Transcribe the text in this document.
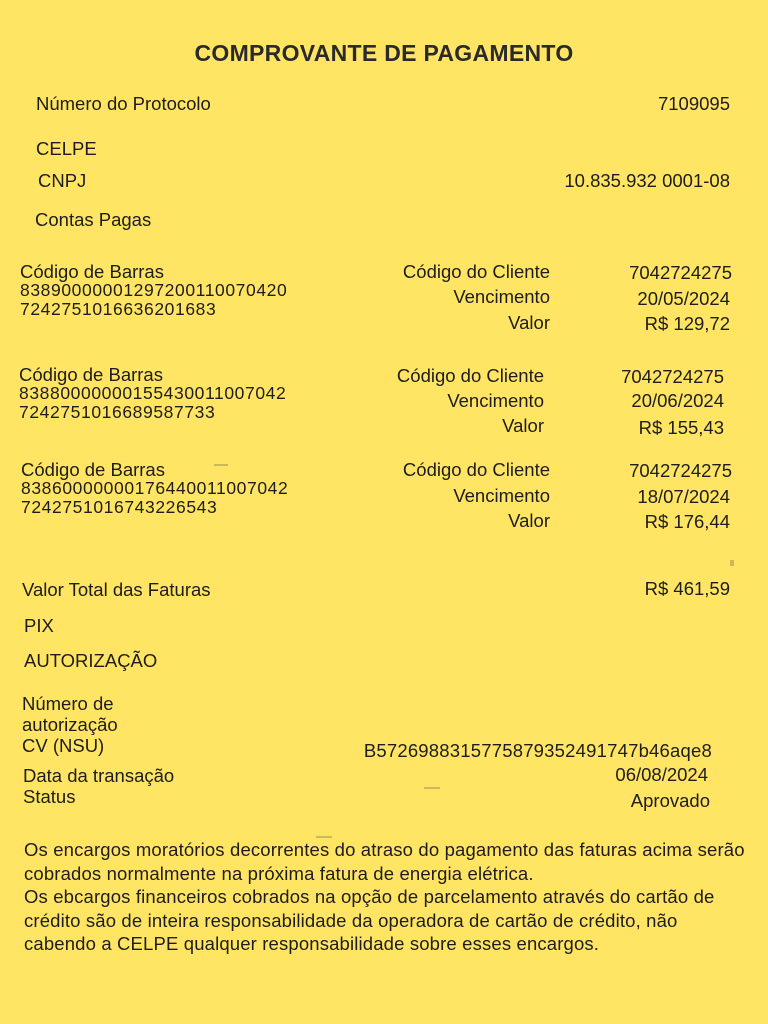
COMPROVANTE DE PAGAMENTO
Número do Protocolo	7109095
CELPE
CNPJ	10.835.932 0001-08
Contas Pagas
Código de Barras
83890000001297200110070420
7242751016636201683
Código do Cliente	7042724275
Vencimento	20/05/2024
Valor	R$ 129,72
Código de Barras
83880000000155430011007042
7242751016689587733
Código do Cliente	7042724275
Vencimento	20/06/2024
Valor	R$ 155,43
Código de Barras
83860000000176440011007042
7242751016743226543
Código do Cliente	7042724275
Vencimento	18/07/2024
Valor	R$ 176,44
Valor Total das Faturas	R$ 461,59
PIX
AUTORIZAÇÃO
Número de
autorização
CV (NSU)	B5726988315775879352491747b46aqe8
Data da transação	06/08/2024
Status	Aprovado

Os encargos moratórios decorrentes do atraso do pagamento das faturas acima serão cobrados normalmente na próxima fatura de energia elétrica.

Os ebcargos financeiros cobrados na opção de parcelamento através do cartão de crédito são de inteira responsabilidade da operadora de cartão de crédito, não cabendo a CELPE qualquer responsabilidade sobre esses encargos.
